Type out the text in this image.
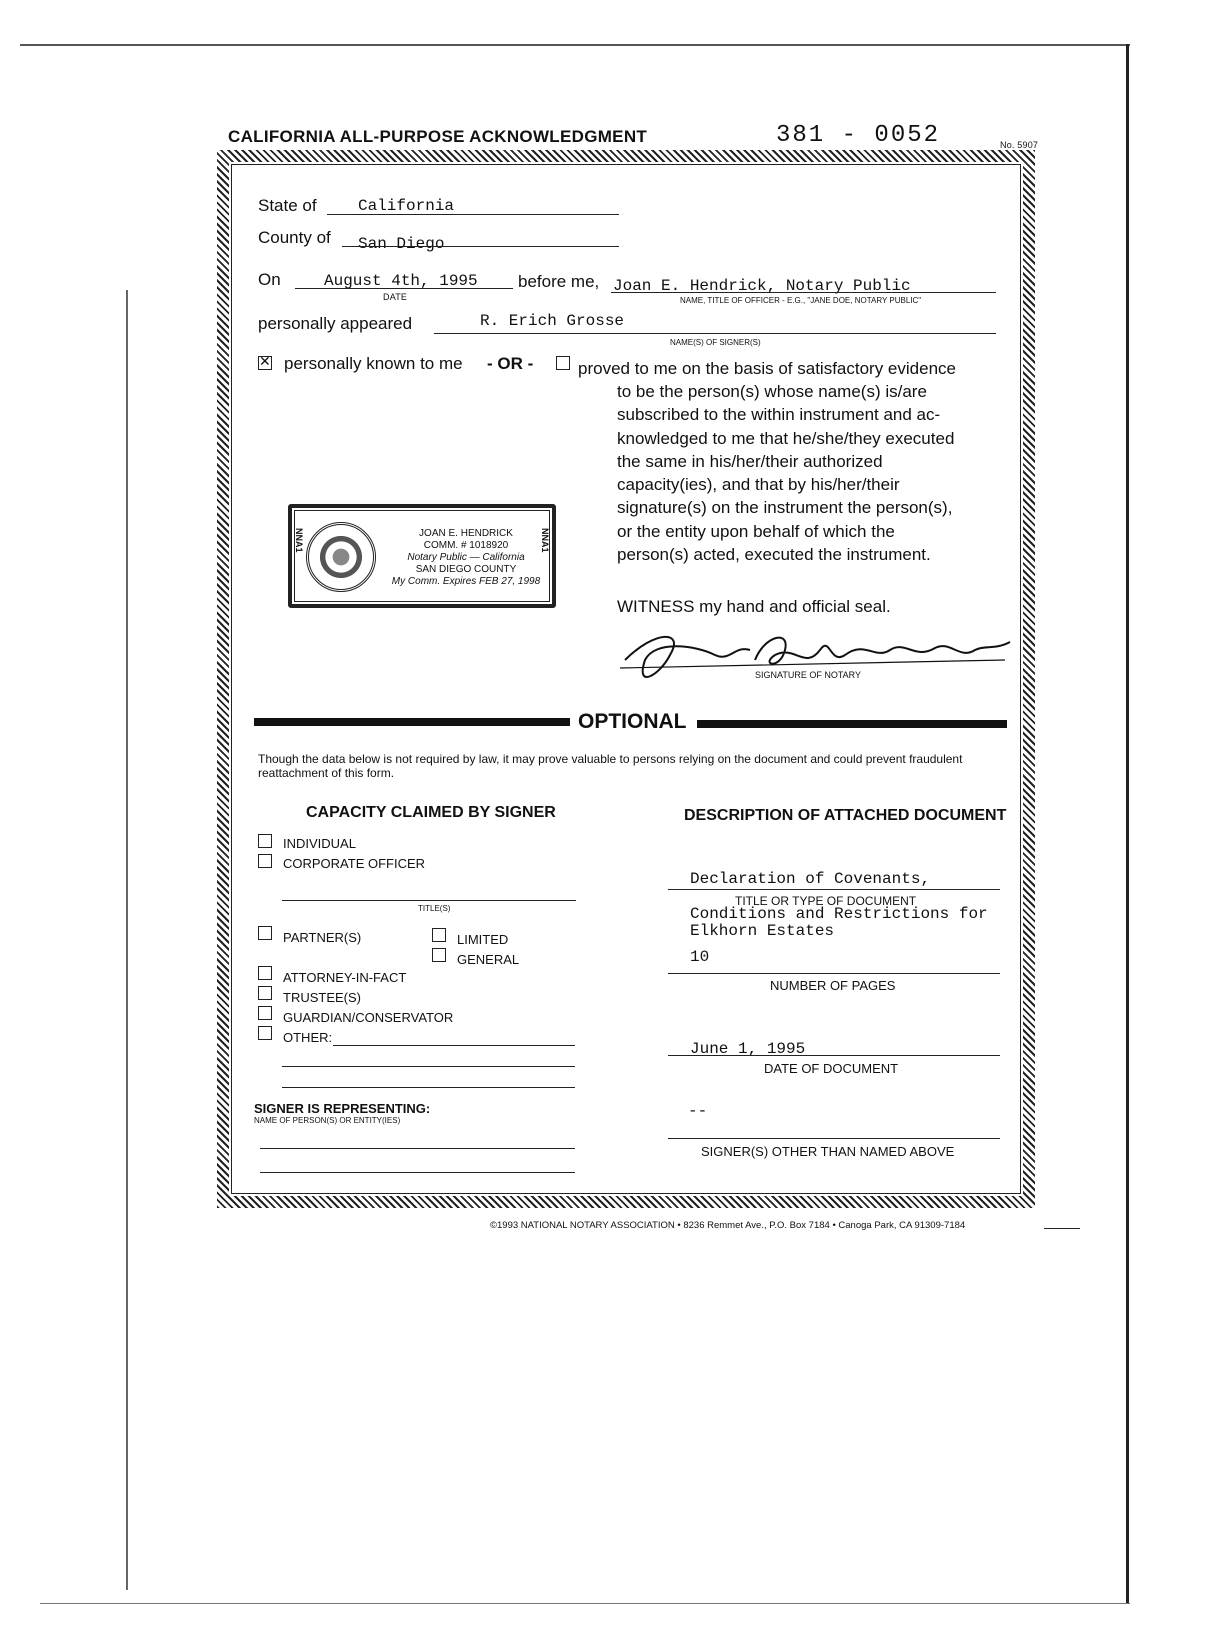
CALIFORNIA ALL-PURPOSE ACKNOWLEDGMENT	381 - 0052	No. 5907
State of	California
County of San Diego
On	August 4th, 1995
DATE
before me, Joan E. Hendrick, Notary Public
NAME, TITLE OF OFFICER - E.G., "JANE DOE, NOTARY PUBLIC"
personally appeared	R. Erich Grosse
NAME(S) OF SIGNER(S)
✕
personally known to me - OR -	proved to me on the basis of satisfactory evidence
to be the person(s) whose name(s) is/are
subscribed to the within instrument and ac-
knowledged to me that he/she/they executed
the same in his/her/their authorized
capacity(ies), and that by his/her/their
signature(s) on the instrument the person(s),
or the entity upon behalf of which the
person(s) acted, executed the instrument.
NNA1	NNA1
JOAN E. HENDRICK
COMM. # 1018920
Notary Public — California
SAN DIEGO COUNTY
My Comm. Expires FEB 27, 1998
WITNESS my hand and official seal.
SIGNATURE OF NOTARY
OPTIONAL
Though the data below is not required by law, it may prove valuable to persons relying on the document and could prevent fraudulent reattachment of this form.
CAPACITY CLAIMED BY SIGNER
INDIVIDUAL
CORPORATE OFFICER
TITLE(S)
PARTNER(S)	LIMITED
GENERAL
ATTORNEY-IN-FACT
TRUSTEE(S)
GUARDIAN/CONSERVATOR
OTHER:
SIGNER IS REPRESENTING:
NAME OF PERSON(S) OR ENTITY(IES)
DESCRIPTION OF ATTACHED DOCUMENT
Declaration of Covenants,
TITLE OR TYPE OF DOCUMENT
Conditions and Restrictions for
Elkhorn Estates
10
NUMBER OF PAGES
June 1, 1995
DATE OF DOCUMENT
--
SIGNER(S) OTHER THAN NAMED ABOVE
©1993 NATIONAL NOTARY ASSOCIATION • 8236 Remmet Ave., P.O. Box 7184 • Canoga Park, CA 91309-7184
